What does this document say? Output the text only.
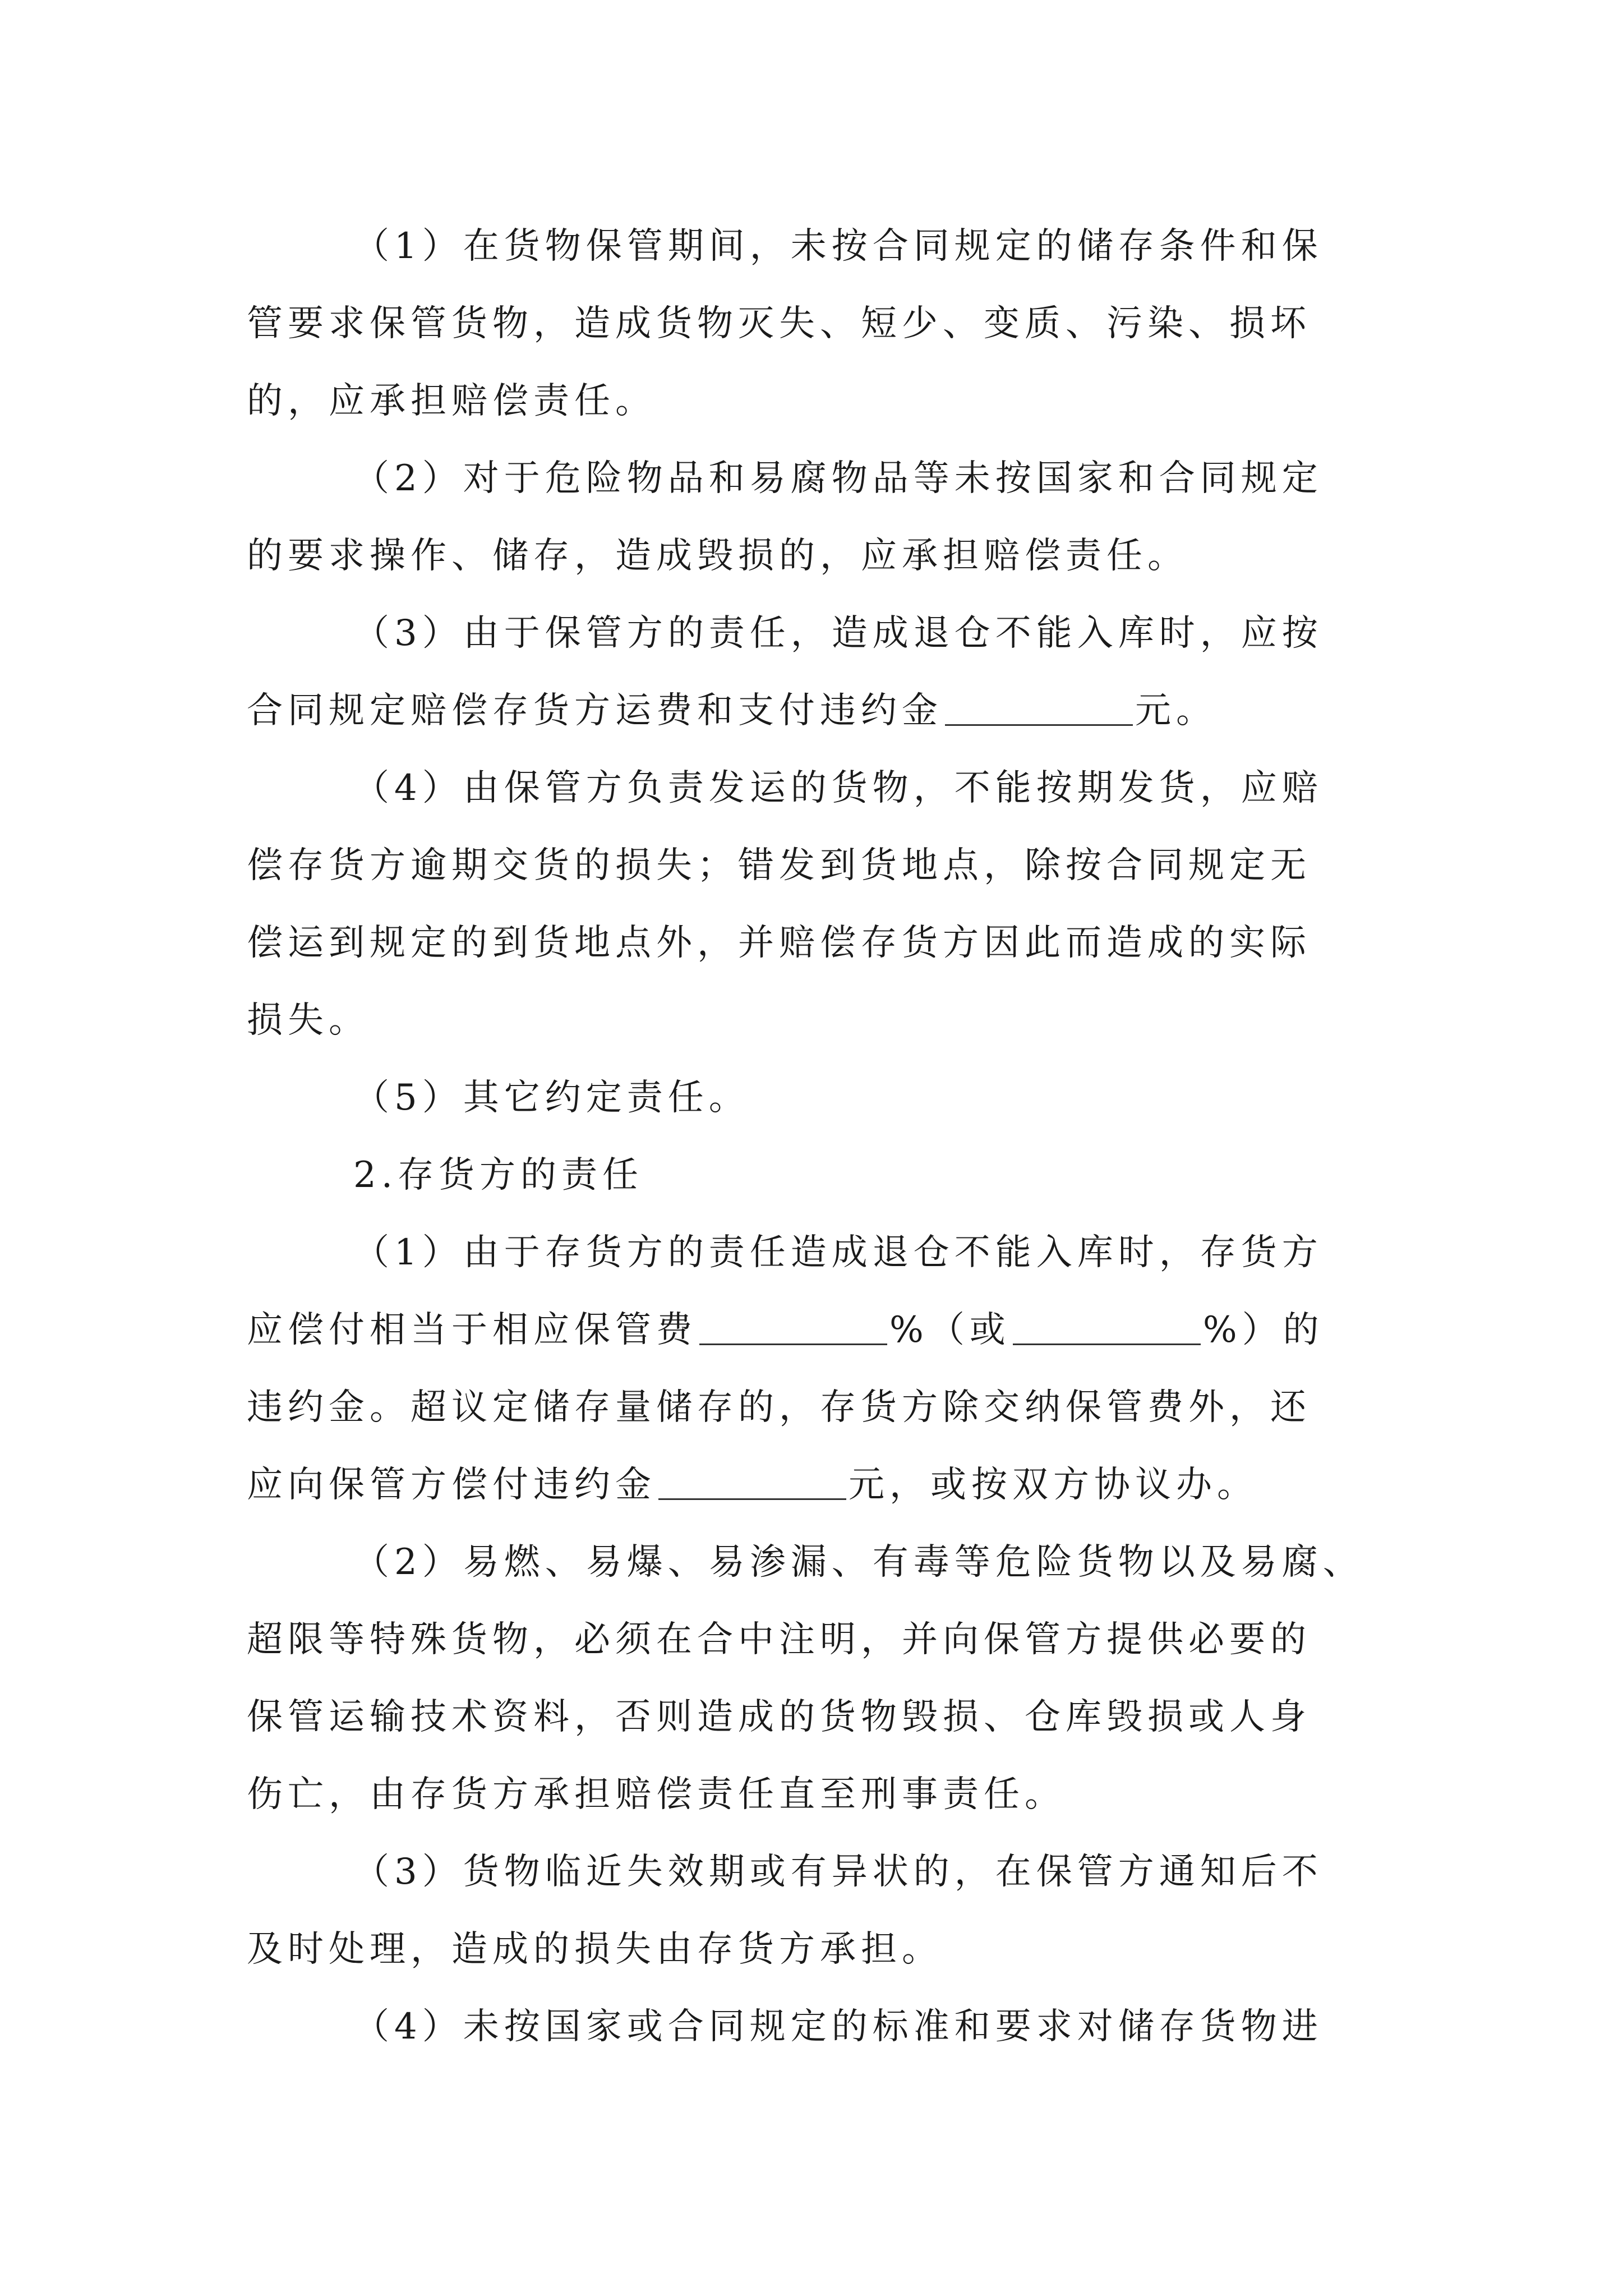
（1）在货物保管期间，未按合同规定的储存条件和保
管要求保管货物，造成货物灭失、短少、变质、污染、损坏
的，应承担赔偿责任。
（2）对于危险物品和易腐物品等未按国家和合同规定
的要求操作、储存，造成毁损的，应承担赔偿责任。
（3）由于保管方的责任，造成退仓不能入库时，应按
合同规定赔偿存货方运费和支付违约金	元。
（4）由保管方负责发运的货物，不能按期发货，应赔
偿存货方逾期交货的损失；错发到货地点，除按合同规定无
偿运到规定的到货地点外，并赔偿存货方因此而造成的实际
损失。
（5）其它约定责任。
2.存货方的责任
（1）由于存货方的责任造成退仓不能入库时，存货方
应偿付相当于相应保管费	%（或	%）的
违约金。超议定储存量储存的，存货方除交纳保管费外，还
应向保管方偿付违约金	元，或按双方协议办。
（2）易燃、易爆、易渗漏、有毒等危险货物以及易腐、
超限等特殊货物，必须在合中注明，并向保管方提供必要的
保管运输技术资料，否则造成的货物毁损、仓库毁损或人身
伤亡，由存货方承担赔偿责任直至刑事责任。
（3）货物临近失效期或有异状的，在保管方通知后不
及时处理，造成的损失由存货方承担。
（4）未按国家或合同规定的标准和要求对储存货物进
